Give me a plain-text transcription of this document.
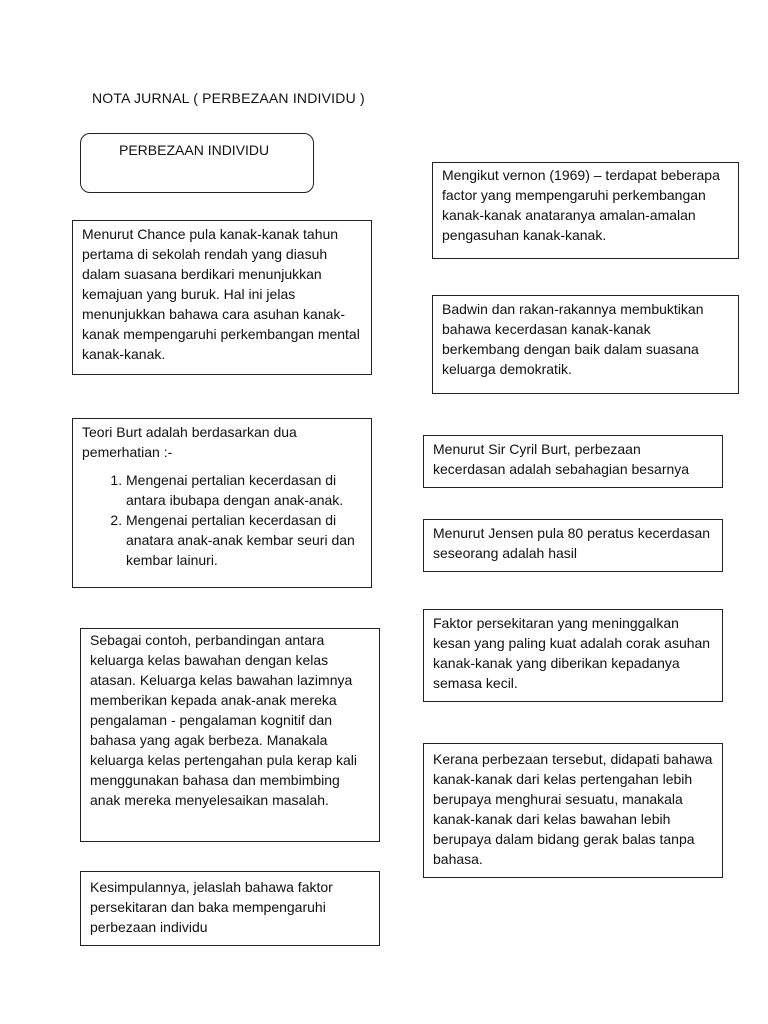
NOTA JURNAL ( PERBEZAAN INDIVIDU )
PERBEZAAN INDIVIDU

Menurut Chance pula kanak-kanak tahun pertama di sekolah rendah yang diasuh dalam suasana berdikari menunjukkan kemajuan yang buruk. Hal ini jelas menunjukkan bahawa cara asuhan kanak-kanak mempengaruhi perkembangan mental kanak-kanak.

Teori Burt adalah berdasarkan dua pemerhatian :-

1. Mengenai pertalian kecerdasan di antara ibubapa dengan anak-anak.
2. Mengenai pertalian kecerdasan di anatara anak-anak kembar seuri dan kembar lainuri.

Sebagai contoh, perbandingan antara keluarga kelas bawahan dengan kelas atasan. Keluarga kelas bawahan lazimnya memberikan kepada anak-anak mereka pengalaman - pengalaman kognitif dan bahasa yang agak berbeza. Manakala keluarga kelas pertengahan pula kerap kali menggunakan bahasa dan membimbing anak mereka menyelesaikan masalah.

Kesimpulannya, jelaslah bahawa faktor persekitaran dan baka mempengaruhi perbezaan individu

Mengikut vernon (1969) – terdapat beberapa factor yang mempengaruhi perkembangan kanak-kanak anataranya amalan-amalan pengasuhan kanak-kanak.

Badwin dan rakan-rakannya membuktikan bahawa kecerdasan kanak-kanak berkembang dengan baik dalam suasana keluarga demokratik.

Menurut Sir Cyril Burt, perbezaan kecerdasan adalah sebahagian besarnya

Menurut Jensen pula 80 peratus kecerdasan seseorang adalah hasil

Faktor persekitaran yang meninggalkan kesan yang paling kuat adalah corak asuhan kanak-kanak yang diberikan kepadanya semasa kecil.

Kerana perbezaan tersebut, didapati bahawa kanak-kanak dari kelas pertengahan lebih berupaya menghurai sesuatu, manakala kanak-kanak dari kelas bawahan lebih berupaya dalam bidang gerak balas tanpa bahasa.
